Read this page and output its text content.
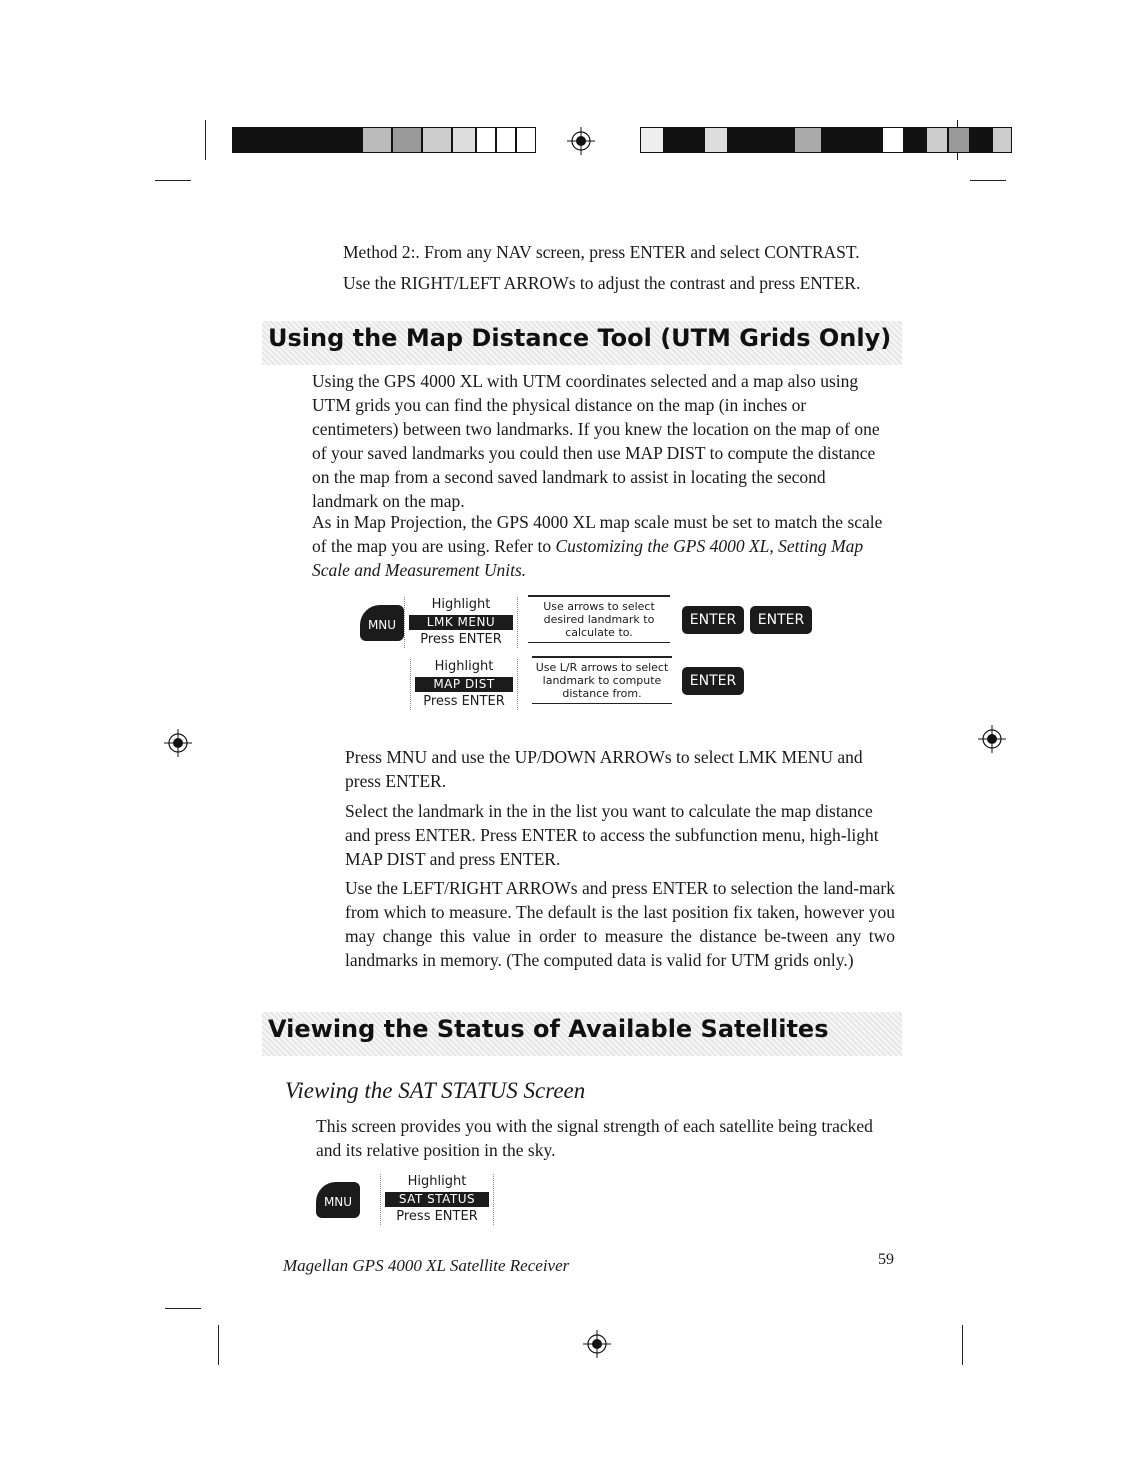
Method 2:. From any NAV screen, press ENTER and select CONTRAST.
Use the RIGHT/LEFT ARROWs to adjust the contrast and press ENTER.
Using the Map Distance Tool (UTM Grids Only)
Using the GPS 4000 XL with UTM coordinates selected and a map also using UTM grids you can find the physical distance on the map (in inches or centimeters) between two landmarks. If you knew the location on the map of one of your saved landmarks you could then use MAP DIST to compute the distance on the map from a second saved landmark to assist in locating the second landmark on the map.
As in Map Projection, the GPS 4000 XL map scale must be set to match the scale of the map you are using. Refer to Customizing the GPS 4000 XL, Setting Map Scale and Measurement Units.
MNU
Highlight
LMK MENU
Press ENTER
Use arrows to select desired landmark to calculate to.
ENTER	ENTER
Highlight
MAP DIST
Press ENTER
Use L/R arrows to select landmark to compute distance from.
ENTER
Press MNU and use the UP/DOWN ARROWs to select LMK MENU and press ENTER.
Select the landmark in the in the list you want to calculate the map distance and press ENTER. Press ENTER to access the subfunction menu, high-light MAP DIST and press ENTER.
Use the LEFT/RIGHT ARROWs and press ENTER to selection the land-mark from which to measure. The default is the last position fix taken, however you may change this value in order to measure the distance be-tween any two landmarks in memory. (The computed data is valid for UTM grids only.)
Viewing the Status of Available Satellites
Viewing the SAT STATUS Screen
This screen provides you with the signal strength of each satellite being tracked and its relative position in the sky.
MNU
Highlight
SAT STATUS
Press ENTER
Magellan GPS 4000 XL Satellite Receiver	59
